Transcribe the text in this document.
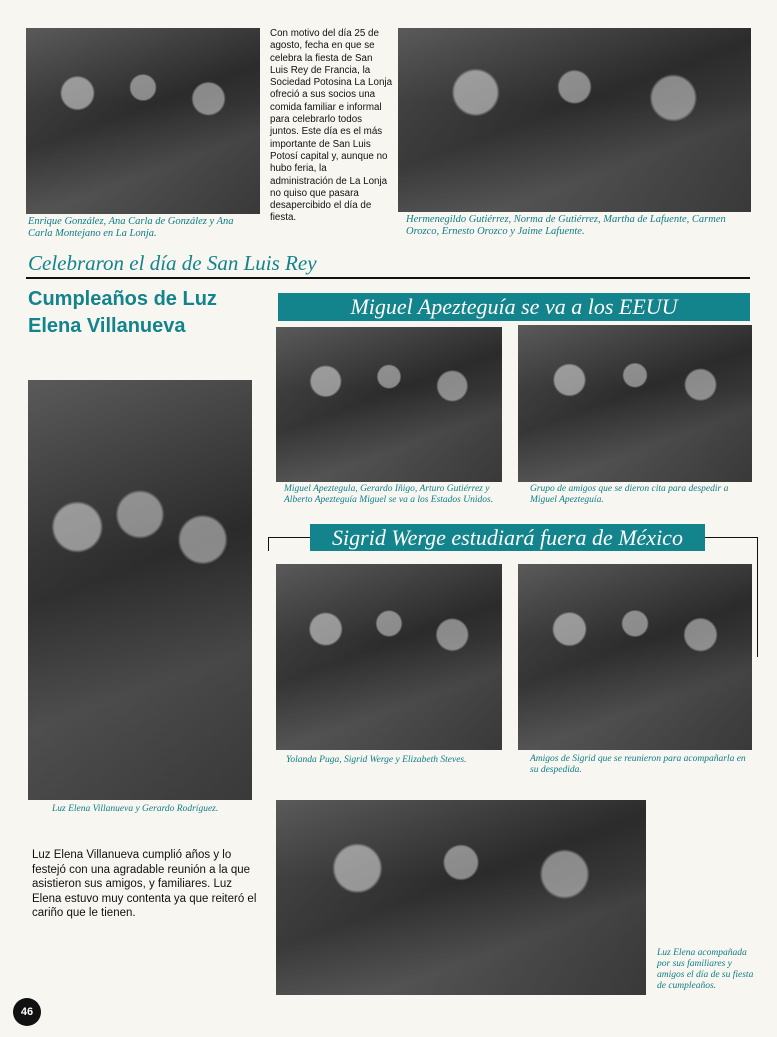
Enrique González, Ana Carla de González y Ana Carla Montejano en La Lonja.
Con motivo del día 25 de agosto, fecha en que se celebra la fiesta de San Luis Rey de Francia, la Sociedad Potosina La Lonja ofreció a sus socios una comida familiar e informal para celebrarlo todos juntos. Este día es el más importante de San Luis Potosí capital y, aunque no hubo feria, la administración de La Lonja no quiso que pasara desapercibido el día de fiesta.	Hermenegildo Gutiérrez, Norma de Gutiérrez, Martha de Lafuente, Carmen Orozco, Ernesto Orozco y Jaime Lafuente.
Celebraron el día de San Luis Rey
Cumpleaños de Luz Elena Villanueva
Luz Elena Villanueva y Gerardo Rodríguez.
Luz Elena Villanueva cumplió años y lo festejó con una agradable reunión a la que asistieron sus amigos, y familiares. Luz Elena estuvo muy contenta ya que reiteró el cariño que le tienen.
Miguel Apezteguía se va a los EEUU
Miguel Apeztegula, Gerardo Iñigo, Arturo Gutiérrez y Alberto Apezteguía Miguel se va a los Estados Unidos.
Grupo de amigos que se dieron cita para despedir a Miguel Apezteguía.
Sigrid Werge estudiará fuera de México
Yolanda Puga, Sigrid Werge y Elizabeth Steves.	Amigos de Sigrid que se reunieron para acompañarla en su despedida.
Luz Elena acompañada por sus familiares y amigos el día de su fiesta de cumpleaños.
46
